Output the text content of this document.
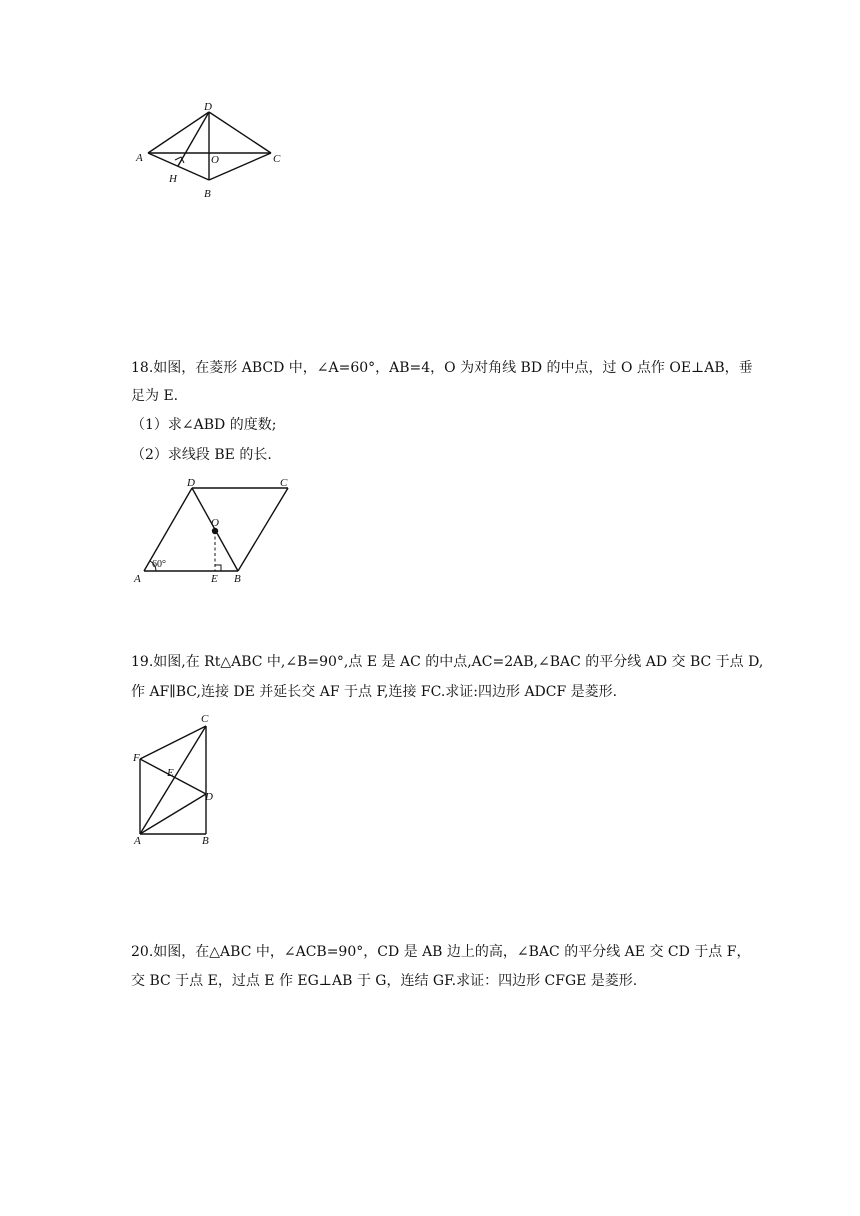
D
A	O	C
H
B
18.如图，在菱形 ABCD 中，∠A=60°，AB=4，O 为对角线 BD 的中点，过 O 点作 OE⊥AB，垂
足为 E.
（1）求∠ABD 的度数;
（2）求线段 BE 的长.
D	C
O
A	E B
60°
19.如图,在 Rt△ABC 中,∠B=90°,点 E 是 AC 的中点,AC=2AB,∠BAC 的平分线 AD 交 BC 于点 D,
作 AF∥BC,连接 DE 并延长交 AF 于点 F,连接 FC.求证:四边形 ADCF 是菱形.
C
F
E
D
A	B
20.如图，在△ABC 中，∠ACB=90°，CD 是 AB 边上的高，∠BAC 的平分线 AE 交 CD 于点 F，
交 BC 于点 E，过点 E 作 EG⊥AB 于 G，连结 GF.求证：四边形 CFGE 是菱形.
